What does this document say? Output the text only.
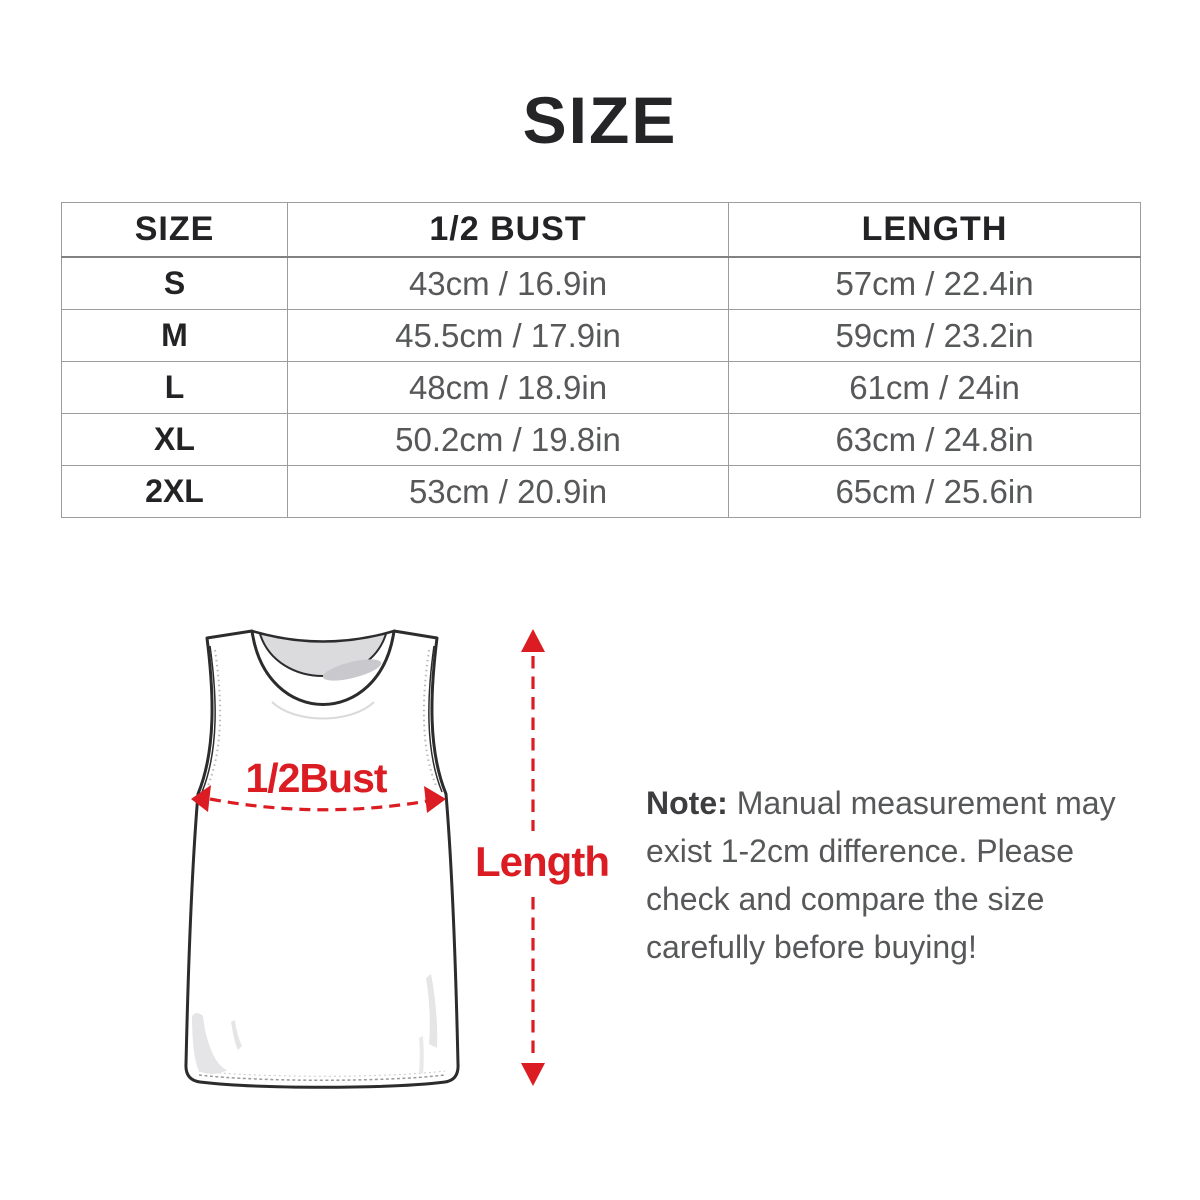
SIZE
SIZE	1/2 BUST	LENGTH
S	43cm / 16.9in	57cm / 22.4in
M	45.5cm / 17.9in	59cm / 23.2in
L	48cm / 18.9in	61cm / 24in
XL	50.2cm / 19.8in	63cm / 24.8in
2XL	53cm / 20.9in	65cm / 25.6in
1/2Bust
Length
Note: Manual measurement may
exist 1-2cm difference. Please
check and compare the size
carefully before buying!
